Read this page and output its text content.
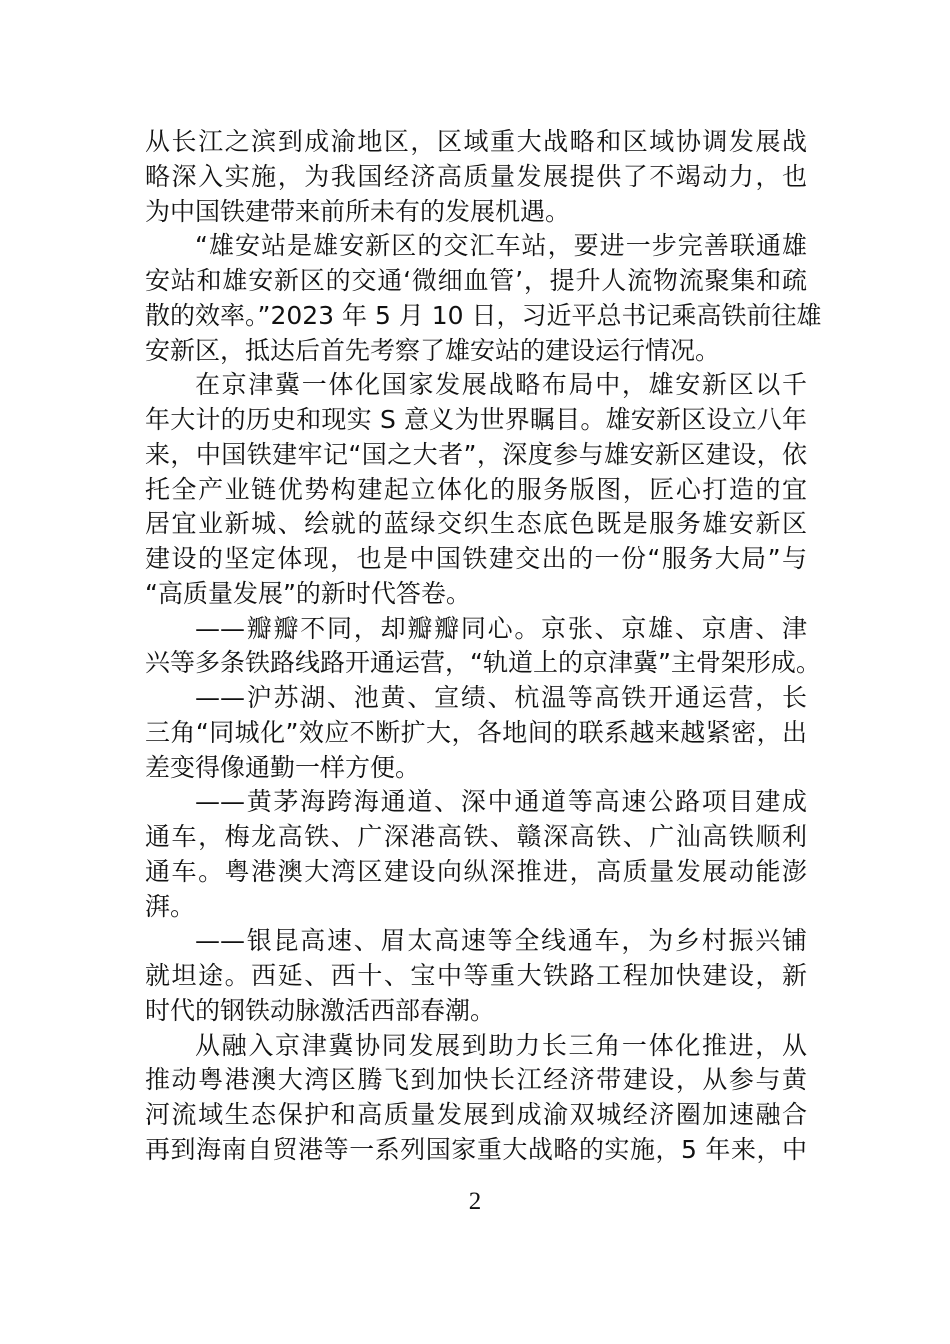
从长江之滨到成渝地区，区域重大战略和区域协调发展战
略深入实施，为我国经济高质量发展提供了不竭动力，也
为中国铁建带来前所未有的发展机遇。
“雄安站是雄安新区的交汇车站，要进一步完善联通雄
安站和雄安新区的交通‘微细血管’，提升人流物流聚集和疏
散的效率。”2023 年 5 月 10 日，习近平总书记乘高铁前往雄
安新区，抵达后首先考察了雄安站的建设运行情况。
在京津冀一体化国家发展战略布局中，雄安新区以千
年大计的历史和现实 S 意义为世界瞩目。雄安新区设立八年
来，中国铁建牢记“国之大者”，深度参与雄安新区建设，依
托全产业链优势构建起立体化的服务版图，匠心打造的宜
居宜业新城、绘就的蓝绿交织生态底色既是服务雄安新区
建设的坚定体现，也是中国铁建交出的一份“服务大局”与
“高质量发展”的新时代答卷。
——瓣瓣不同，却瓣瓣同心。京张、京雄、京唐、津
兴等多条铁路线路开通运营，“轨道上的京津冀”主骨架形成。
——沪苏湖、池黄、宣绩、杭温等高铁开通运营，长
三角“同城化”效应不断扩大，各地间的联系越来越紧密，出
差变得像通勤一样方便。
——黄茅海跨海通道、深中通道等高速公路项目建成
通车，梅龙高铁、广深港高铁、赣深高铁、广汕高铁顺利
通车。粤港澳大湾区建设向纵深推进，高质量发展动能澎
湃。
——银昆高速、眉太高速等全线通车，为乡村振兴铺
就坦途。西延、西十、宝中等重大铁路工程加快建设，新
时代的钢铁动脉激活西部春潮。
从融入京津冀协同发展到助力长三角一体化推进，从
推动粤港澳大湾区腾飞到加快长江经济带建设，从参与黄
河流域生态保护和高质量发展到成渝双城经济圈加速融合
再到海南自贸港等一系列国家重大战略的实施，5 年来，中
2
